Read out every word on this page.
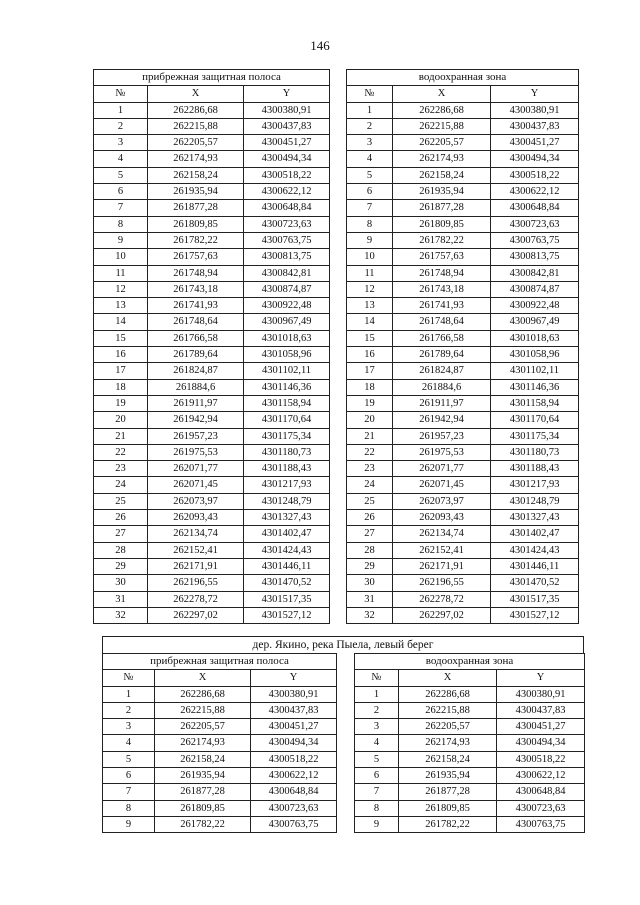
146
прибрежная защитная полоса		
№	X	Y
1	262286,68	4300380,91
2	262215,88	4300437,83
3	262205,57	4300451,27
4	262174,93	4300494,34
5	262158,24	4300518,22
6	261935,94	4300622,12
7	261877,28	4300648,84
8	261809,85	4300723,63
9	261782,22	4300763,75
10	261757,63	4300813,75
11	261748,94	4300842,81
12	261743,18	4300874,87
13	261741,93	4300922,48
14	261748,64	4300967,49
15	261766,58	4301018,63
16	261789,64	4301058,96
17	261824,87	4301102,11
18	261884,6	4301146,36
19	261911,97	4301158,94
20	261942,94	4301170,64
21	261957,23	4301175,34
22	261975,53	4301180,73
23	262071,77	4301188,43
24	262071,45	4301217,93
25	262073,97	4301248,79
26	262093,43	4301327,43
27	262134,74	4301402,47
28	262152,41	4301424,43
29	262171,91	4301446,11
30	262196,55	4301470,52
31	262278,72	4301517,35
32	262297,02	4301527,12
водоохранная зона		
№	X	Y
1	262286,68	4300380,91
2	262215,88	4300437,83
3	262205,57	4300451,27
4	262174,93	4300494,34
5	262158,24	4300518,22
6	261935,94	4300622,12
7	261877,28	4300648,84
8	261809,85	4300723,63
9	261782,22	4300763,75
10	261757,63	4300813,75
11	261748,94	4300842,81
12	261743,18	4300874,87
13	261741,93	4300922,48
14	261748,64	4300967,49
15	261766,58	4301018,63
16	261789,64	4301058,96
17	261824,87	4301102,11
18	261884,6	4301146,36
19	261911,97	4301158,94
20	261942,94	4301170,64
21	261957,23	4301175,34
22	261975,53	4301180,73
23	262071,77	4301188,43
24	262071,45	4301217,93
25	262073,97	4301248,79
26	262093,43	4301327,43
27	262134,74	4301402,47
28	262152,41	4301424,43
29	262171,91	4301446,11
30	262196,55	4301470,52
31	262278,72	4301517,35
32	262297,02	4301527,12
дер. Якино, река Пыела, левый берег
прибрежная защитная полоса		
№	X	Y
1	262286,68	4300380,91
2	262215,88	4300437,83
3	262205,57	4300451,27
4	262174,93	4300494,34
5	262158,24	4300518,22
6	261935,94	4300622,12
7	261877,28	4300648,84
8	261809,85	4300723,63
9	261782,22	4300763,75
водоохранная зона		
№	X	Y
1	262286,68	4300380,91
2	262215,88	4300437,83
3	262205,57	4300451,27
4	262174,93	4300494,34
5	262158,24	4300518,22
6	261935,94	4300622,12
7	261877,28	4300648,84
8	261809,85	4300723,63
9	261782,22	4300763,75
